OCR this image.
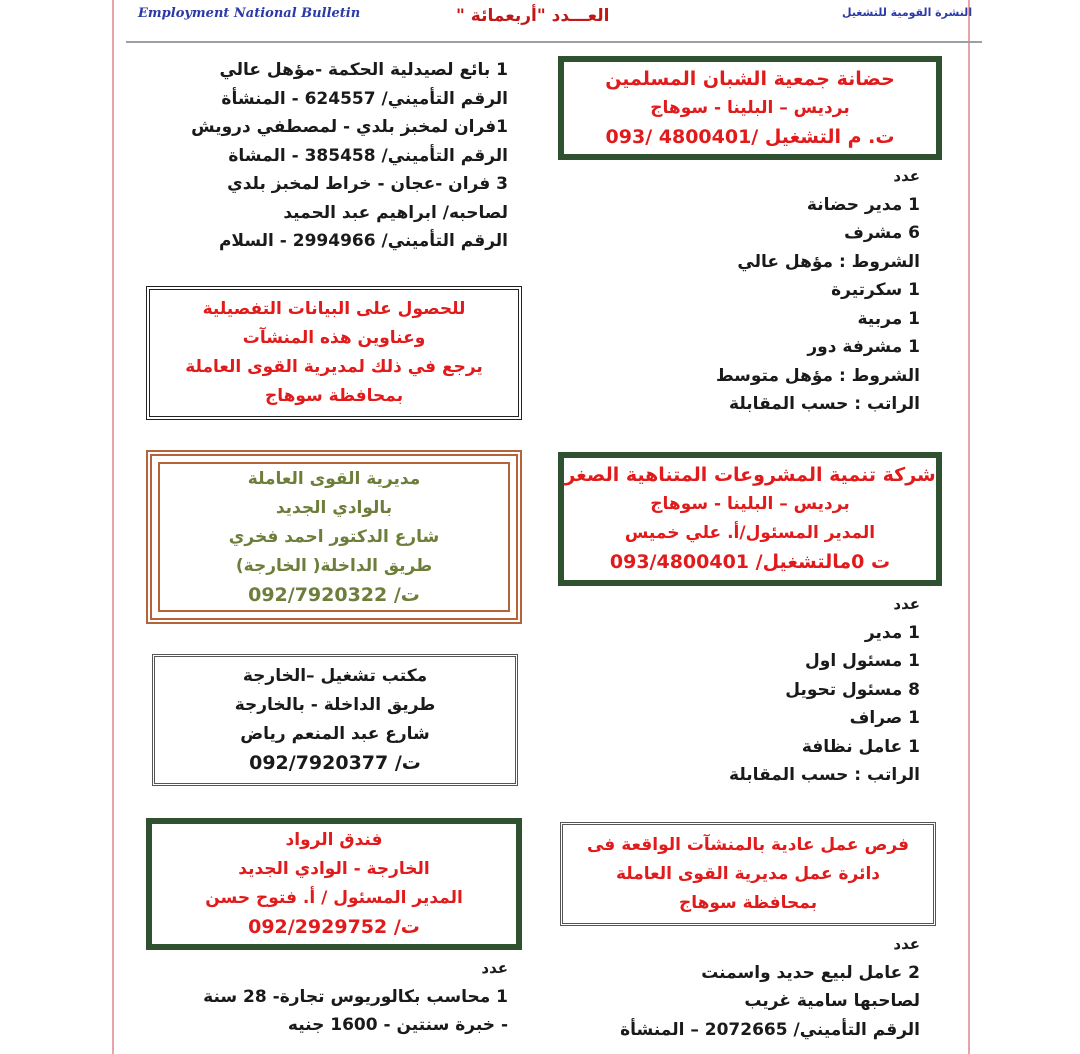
Employment National Bulletin	العـــدد "أربعمائة "	النشرة القومية للتشغيل
حضانة جمعية الشبان المسلمين
برديس – البلينا - سوهاج
ت. م التشغيل /4800401 /093
عدد
1 مدير حضانة
6 مشرف
الشروط : مؤهل عالي
1 سكرتيرة
1 مربية
1 مشرفة دور
الشروط : مؤهل متوسط
الراتب : حسب المقابلة
1 بائع لصيدلية الحكمة -مؤهل عالي
الرقم التأميني/ 624557 - المنشأة
1فران لمخبز بلدي - لمصطفي درويش
الرقم التأميني/ 385458 - المشاة
3 فران -عجان - خراط لمخبز بلدي
لصاحبه/ ابراهيم عبد الحميد
الرقم التأميني/ 2994966 - السلام
للحصول على البيانات التفصيلية
وعناوين هذه المنشآت
يرجع في ذلك لمديرية القوى العاملة
بمحافظة سوهاج
شركة تنمية المشروعات المتناهية الصغر
برديس – البلينا - سوهاج
المدير المسئول/أ. علي خميس
ت 0مالتشغيل/ 093/4800401
عدد
1 مدير
1 مسئول اول
8 مسئول تحويل
1 صراف
1 عامل نظافة
الراتب : حسب المقابلة
مديرية القوى العاملة
بالوادي الجديد
شارع الدكتور احمد فخري
طريق الداخلة( الخارجة)
ت/ 092/7920322
مكتب تشغيل –الخارجة
طريق الداخلة - بالخارجة
شارع عبد المنعم رياض
ت/ 092/7920377
فندق الرواد
الخارجة - الوادي الجديد
المدير المسئول / أ. فتوح حسن
ت/ 092/2929752
عدد
1 محاسب بكالوريوس تجارة- 28 سنة
- خبرة سنتين - 1600 جنيه
فرص عمل عادية بالمنشآت الواقعة فى
دائرة عمل مديرية القوى العاملة
بمحافظة سوهاج
عدد
2 عامل لبيع حديد واسمنت
لصاحبها سامية غريب
الرقم التأميني/ 2072665 – المنشأة
